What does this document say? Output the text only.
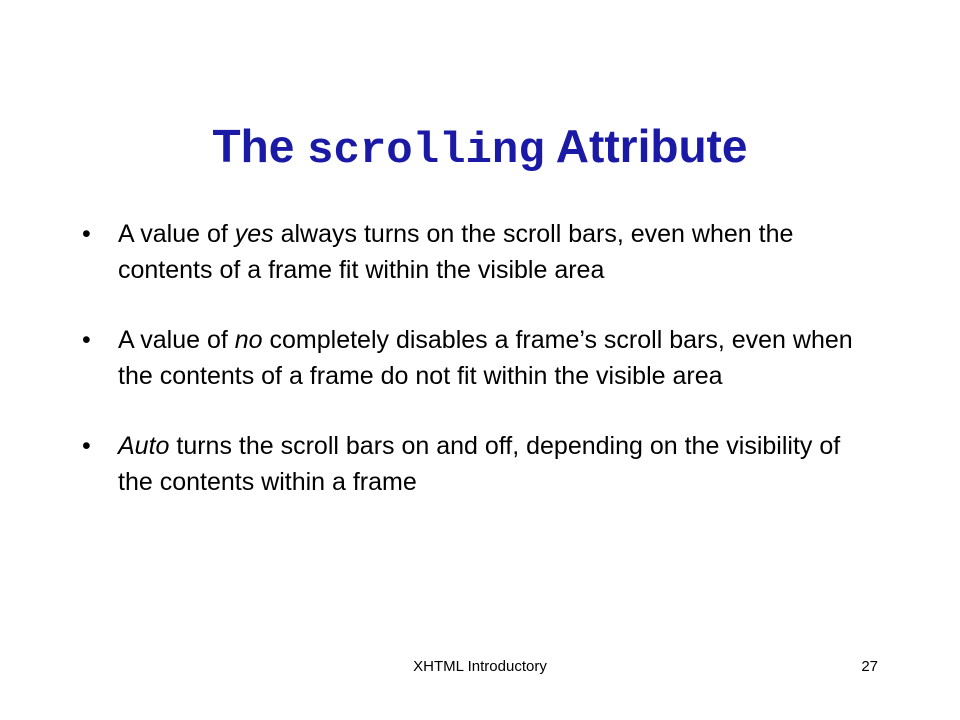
The scrolling Attribute
• A value of yes always turns on the scroll bars, even when the contents of a frame fit within the visible area
• A value of no completely disables a frame’s scroll bars, even when the contents of a frame do not fit within the visible area
• Auto turns the scroll bars on and off, depending on the visibility of the contents within a frame
XHTML Introductory	27
